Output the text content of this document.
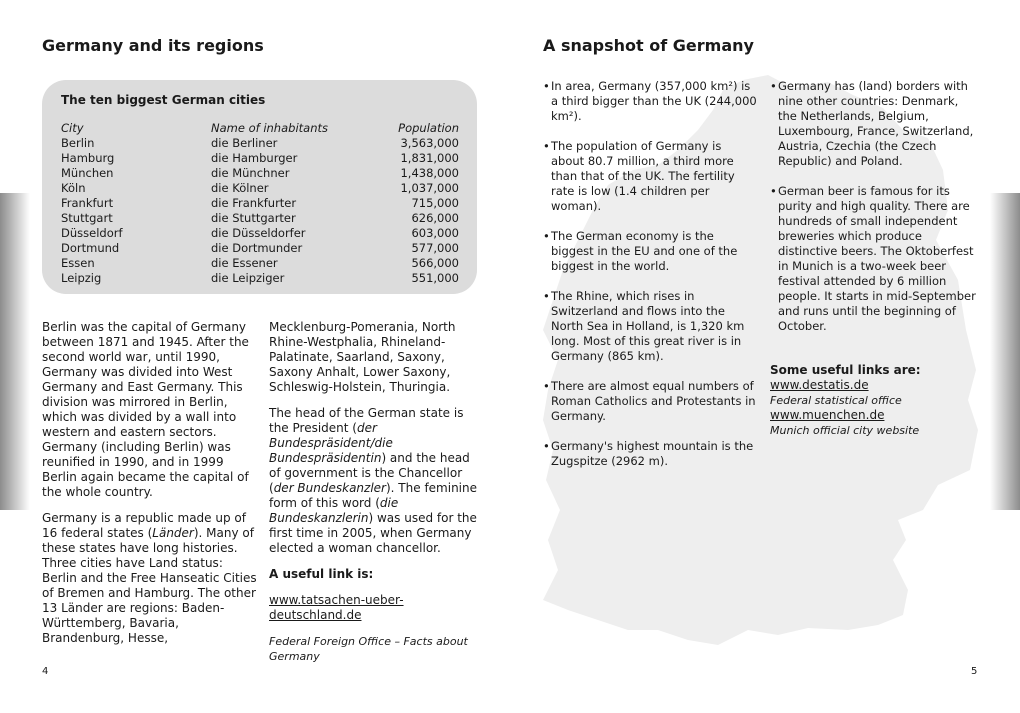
Germany and its regions
The ten biggest German cities
City	Name of inhabitants	Population
Berlin	die Berliner	3,563,000
Hamburg	die Hamburger	1,831,000
München	die Münchner	1,438,000
Köln	die Kölner	1,037,000
Frankfurt	die Frankfurter	715,000
Stuttgart	die Stuttgarter	626,000
Düsseldorf	die Düsseldorfer	603,000
Dortmund	die Dortmunder	577,000
Essen	die Essener	566,000
Leipzig	die Leipziger	551,000

Berlin was the capital of Germany between 1871 and 1945. After the second world war, until 1990, Germany was divided into West Germany and East Germany. This division was mirrored in Berlin, which was divided by a wall into western and eastern sectors. Germany (including Berlin) was reunified in 1990, and in 1999 Berlin again became the capital of the whole country.

Germany is a republic made up of 16 federal states (Länder). Many of these states have long histories. Three cities have Land status: Berlin and the Free Hanseatic Cities of Bremen and Hamburg. The other 13 Länder are regions: Baden-Württemberg, Bavaria, Brandenburg, Hesse,

Mecklenburg-Pomerania, North Rhine-Westphalia, Rhineland-Palatinate, Saarland, Saxony, Saxony Anhalt, Lower Saxony, Schleswig-Holstein, Thuringia.

The head of the German state is the President (der Bundespräsident/die Bundespräsidentin) and the head of government is the Chancellor (der Bundeskanzler). The feminine form of this word (die Bundeskanzlerin) was used for the first time in 2005, when Germany elected a woman chancellor.

A useful link is:

www.tatsachen-ueber-deutschland.de

Federal Foreign Office – Facts about Germany

4
A snapshot of Germany
• In area, Germany (357,000 km²) is a third bigger than the UK (244,000 km²).
• The population of Germany is about 80.7 million, a third more than that of the UK. The fertility rate is low (1.4 children per woman).
• The German economy is the biggest in the EU and one of the biggest in the world.
• The Rhine, which rises in Switzerland and flows into the North Sea in Holland, is 1,320 km long. Most of this great river is in Germany (865 km).
• There are almost equal numbers of Roman Catholics and Protestants in Germany.
• Germany's highest mountain is the Zugspitze (2962 m).
• Germany has (land) borders with nine other countries: Denmark, the Netherlands, Belgium, Luxembourg, France, Switzerland, Austria, Czechia (the Czech Republic) and Poland.
• German beer is famous for its purity and high quality. There are hundreds of small independent breweries which produce distinctive beers. The Oktoberfest in Munich is a two-week beer festival attended by 6 million people. It starts in mid-September and runs until the beginning of October.

Some useful links are:

www.destatis.de

Federal statistical office

www.muenchen.de

Munich official city website

5
